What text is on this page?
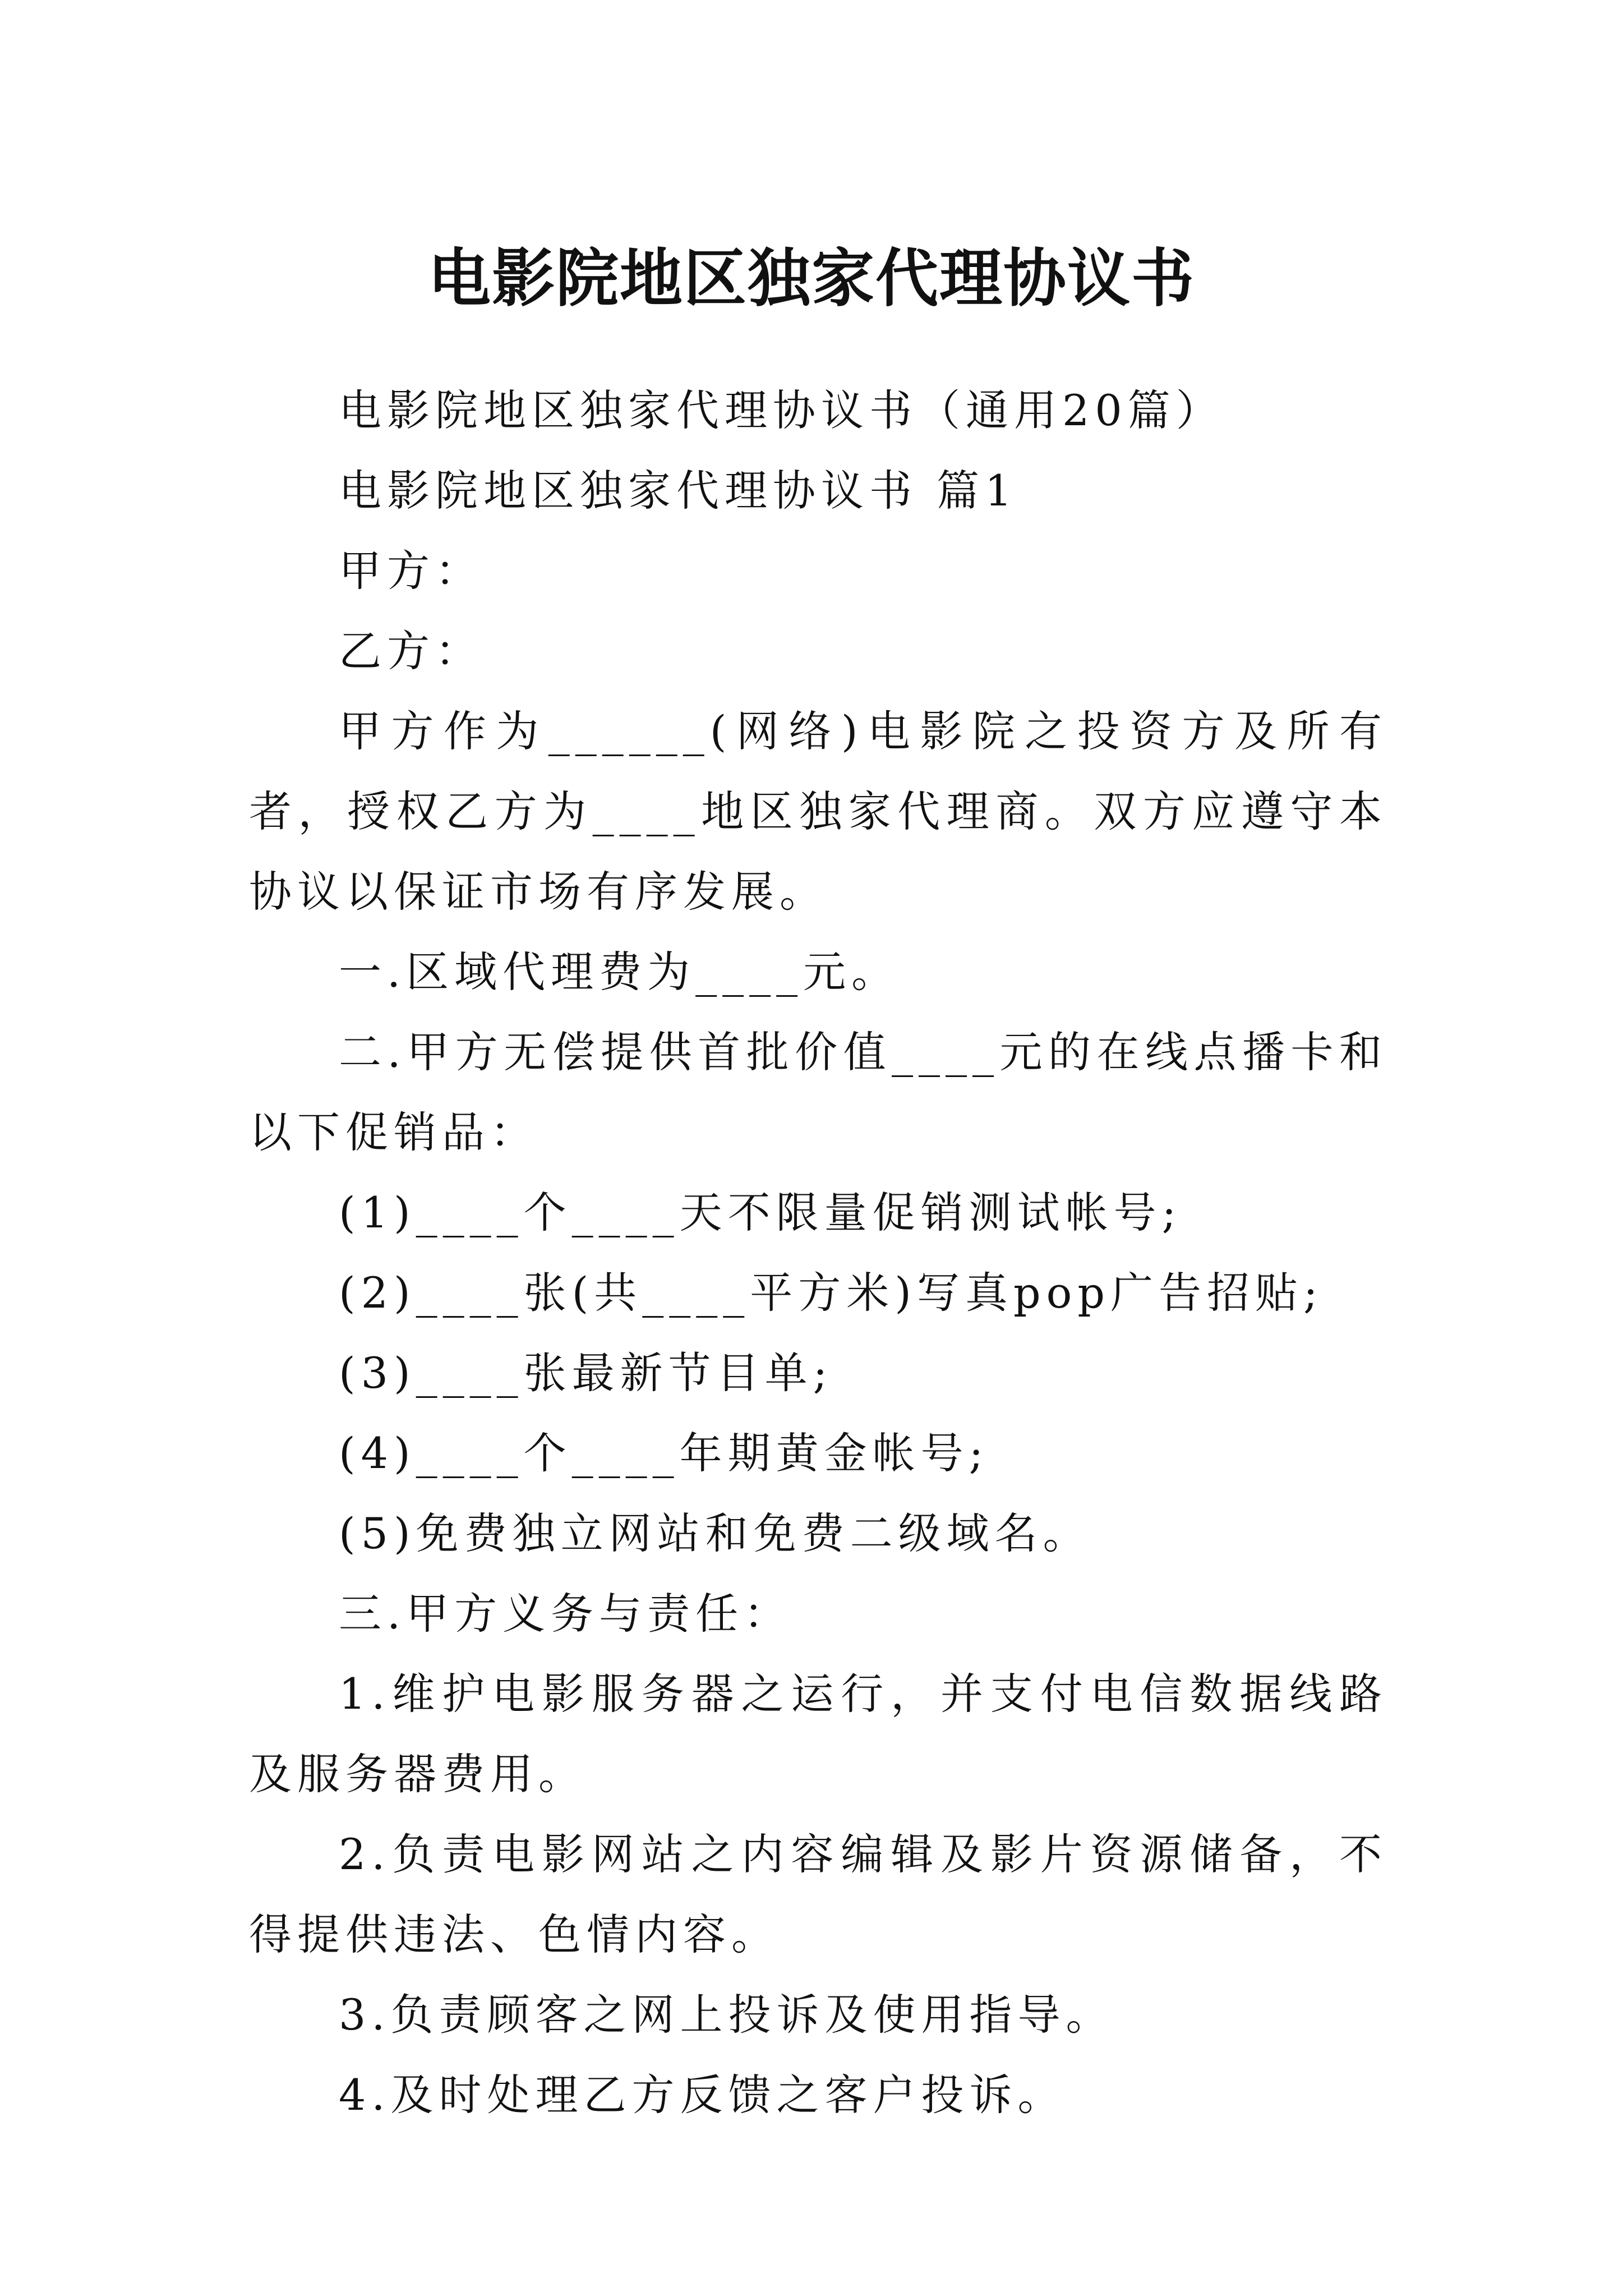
电影院地区独家代理协议书

电影院地区独家代理协议书（通用20篇）

电影院地区独家代理协议书 篇1

甲方：

乙方：

甲方作为______(网络)电影院之投资方及所有者，授权乙方为____地区独家代理商。双方应遵守本协议以保证市场有序发展。

一.区域代理费为____元。

二.甲方无偿提供首批价值____元的在线点播卡和以下促销品：

(1)____个____天不限量促销测试帐号;

(2)____张(共____平方米)写真pop广告招贴;

(3)____张最新节目单;

(4)____个____年期黄金帐号;

(5)免费独立网站和免费二级域名。

三.甲方义务与责任：

1.维护电影服务器之运行，并支付电信数据线路及服务器费用。

2.负责电影网站之内容编辑及影片资源储备，不得提供违法、色情内容。

3.负责顾客之网上投诉及使用指导。

4.及时处理乙方反馈之客户投诉。
